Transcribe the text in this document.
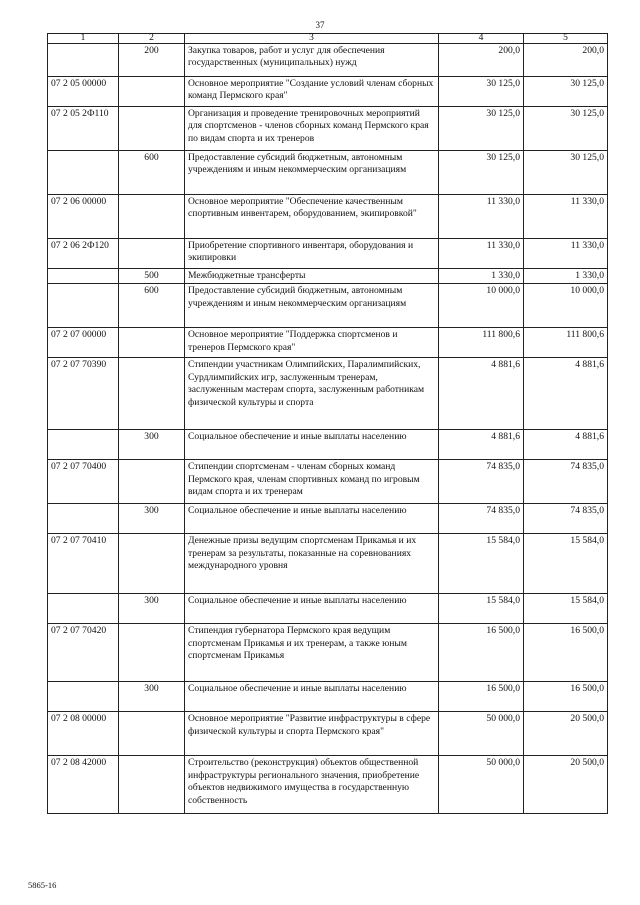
37
1	2	3	4	5
	200	Закупка товаров, работ и услуг для обеспечения государственных (муниципальных) нужд	200,0	200,0
07 2 05 00000		Основное мероприятие "Создание условий членам сборных команд Пермского края"	30 125,0	30 125,0
07 2 05 2Ф110		Организация и проведение тренировочных мероприятий для спортсменов - членов сборных команд Пермского края по видам спорта и их тренеров	30 125,0	30 125,0
	600	Предоставление субсидий бюджетным, автономным учреждениям и иным некоммерческим организациям	30 125,0	30 125,0
07 2 06 00000		Основное мероприятие "Обеспечение качественным спортивным инвентарем, оборудованием, экипировкой"	11 330,0	11 330,0
07 2 06 2Ф120		Приобретение спортивного инвентаря, оборудования и экипировки	11 330,0	11 330,0
	500	Межбюджетные трансферты	1 330,0	1 330,0
	600	Предоставление субсидий бюджетным, автономным учреждениям и иным некоммерческим организациям	10 000,0	10 000,0
07 2 07 00000		Основное мероприятие "Поддержка спортсменов и тренеров Пермского края"	111 800,6	111 800,6
07 2 07 70390		Стипендии участникам Олимпийских, Паралимпийских, Сурдлимпийских игр, заслуженным тренерам, заслуженным мастерам спорта, заслуженным работникам физической культуры и спорта	4 881,6	4 881,6
	300	Социальное обеспечение и иные выплаты населению	4 881,6	4 881,6
07 2 07 70400		Стипендии спортсменам - членам сборных команд Пермского края, членам спортивных команд по игровым видам спорта и их тренерам	74 835,0	74 835,0
	300	Социальное обеспечение и иные выплаты населению	74 835,0	74 835,0
07 2 07 70410		Денежные призы ведущим спортсменам Прикамья и их тренерам за результаты, показанные на соревнованиях международного уровня	15 584,0	15 584,0
	300	Социальное обеспечение и иные выплаты населению	15 584,0	15 584,0
07 2 07 70420		Стипендия губернатора Пермского края ведущим спортсменам Прикамья и их тренерам, а также юным спортсменам Прикамья	16 500,0	16 500,0
	300	Социальное обеспечение и иные выплаты населению	16 500,0	16 500,0
07 2 08 00000		Основное мероприятие "Развитие инфраструктуры в сфере физической культуры и спорта Пермского края"	50 000,0	20 500,0
07 2 08 42000		Строительство (реконструкция) объектов общественной инфраструктуры регионального значения, приобретение объектов недвижимого имущества в государственную собственность	50 000,0	20 500,0
5865-16
